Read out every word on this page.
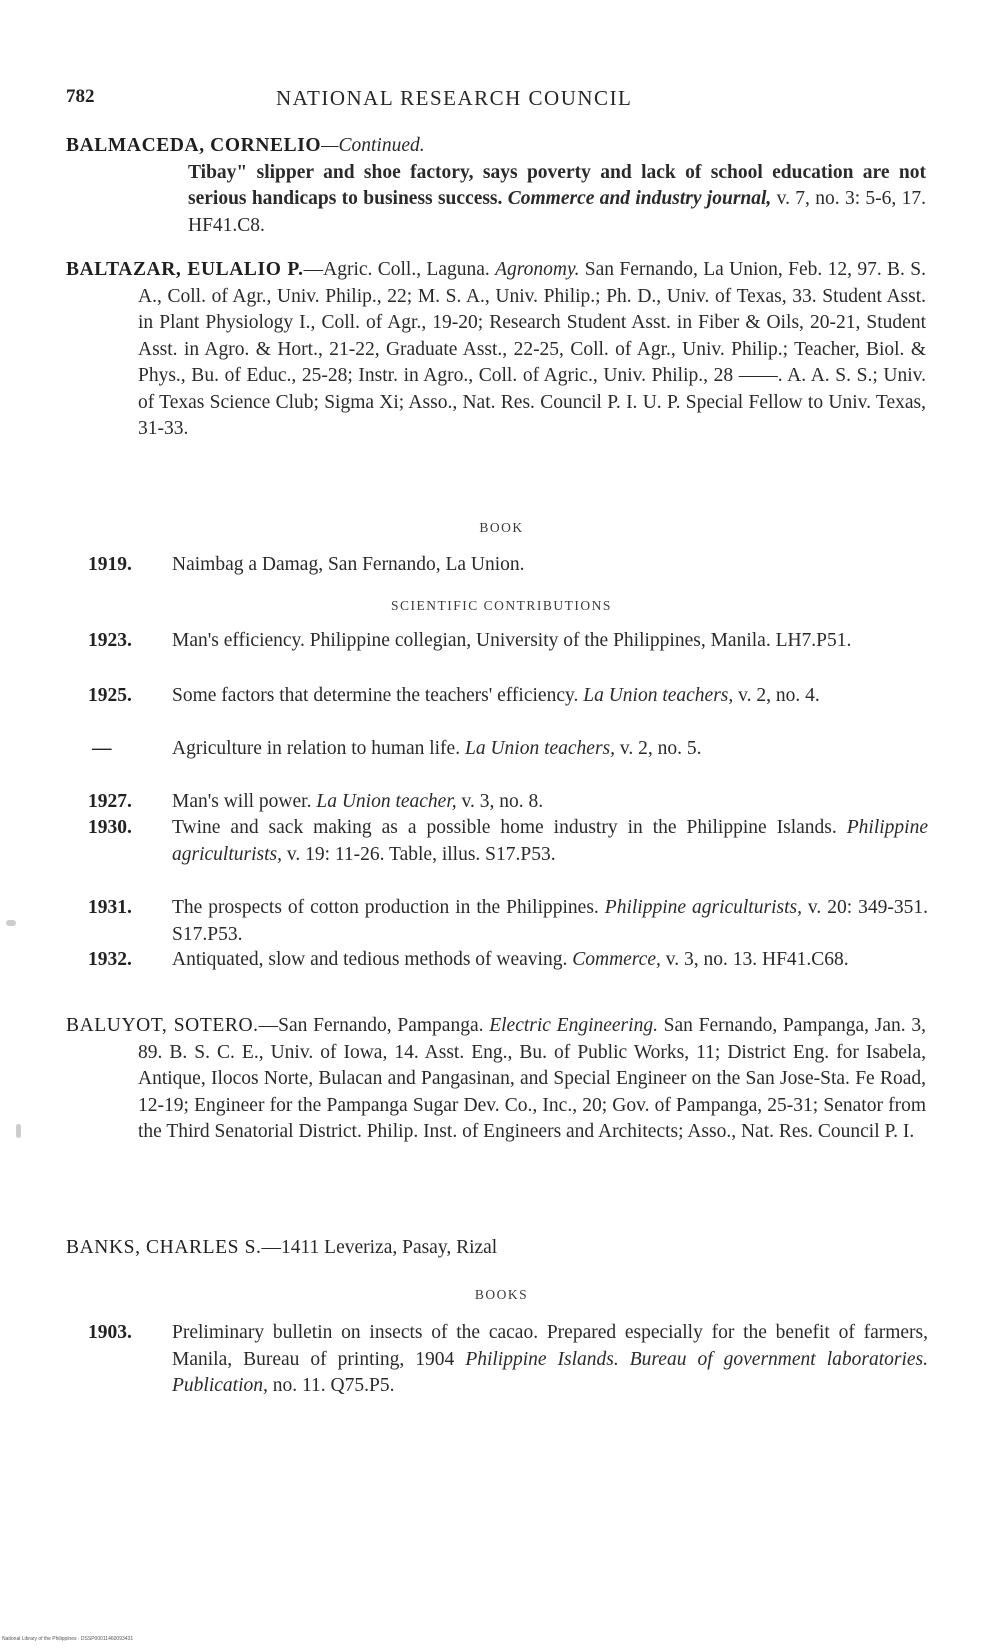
782	NATIONAL RESEARCH COUNCIL
BALMACEDA, CORNELIO—Continued.
Tibay" slipper and shoe factory, says poverty and lack of school education are not serious handicaps to business success. Commerce and industry journal, v. 7, no. 3: 5-6, 17. HF41.C8.

BALTAZAR, EULALIO P.—Agric. Coll., Laguna. Agronomy. San Fernando, La Union, Feb. 12, 97. B. S. A., Coll. of Agr., Univ. Philip., 22; M. S. A., Univ. Philip.; Ph. D., Univ. of Texas, 33. Student Asst. in Plant Physiology I., Coll. of Agr., 19-20; Research Student Asst. in Fiber & Oils, 20-21, Student Asst. in Agro. & Hort., 21-22, Graduate Asst., 22-25, Coll. of Agr., Univ. Philip.; Teacher, Biol. & Phys., Bu. of Educ., 25-28; Instr. in Agro., Coll. of Agric., Univ. Philip., 28 ——. A. A. S. S.; Univ. of Texas Science Club; Sigma Xi; Asso., Nat. Res. Council P. I. U. P. Special Fellow to Univ. Texas, 31-33.

BOOK
1919.	Naimbag a Damag, San Fernando, La Union.
SCIENTIFIC CONTRIBUTIONS
1923.	Man's efficiency. Philippine collegian, University of the Philippines, Manila. LH7.P51.
1925.	Some factors that determine the teachers' efficiency. La Union teachers, v. 2, no. 4.
—	Agriculture in relation to human life. La Union teachers, v. 2, no. 5.
1927.	Man's will power. La Union teacher, v. 3, no. 8.
1930.	Twine and sack making as a possible home industry in the Philippine Islands. Philippine agriculturists, v. 19: 11-26. Table, illus. S17.P53.
1931.	The prospects of cotton production in the Philippines. Philippine agriculturists, v. 20: 349-351. S17.P53.
1932.	Antiquated, slow and tedious methods of weaving. Commerce, v. 3, no. 13. HF41.C68.

BALUYOT, SOTERO.—San Fernando, Pampanga. Electric Engineering. San Fernando, Pampanga, Jan. 3, 89. B. S. C. E., Univ. of Iowa, 14. Asst. Eng., Bu. of Public Works, 11; District Eng. for Isabela, Antique, Ilocos Norte, Bulacan and Pangasinan, and Special Engineer on the San Jose-Sta. Fe Road, 12-19; Engineer for the Pampanga Sugar Dev. Co., Inc., 20; Gov. of Pampanga, 25-31; Senator from the Third Senatorial District. Philip. Inst. of Engineers and Architects; Asso., Nat. Res. Council P. I.

BANKS, CHARLES S.—1411 Leveriza, Pasay, Rizal

BOOKS
1903.	Preliminary bulletin on insects of the cacao. Prepared especially for the benefit of farmers, Manila, Bureau of printing, 1904 Philippine Islands. Bureau of government laboratories. Publication, no. 11. Q75.P5.
National Library of the Philippines · DSSP00011460093431
